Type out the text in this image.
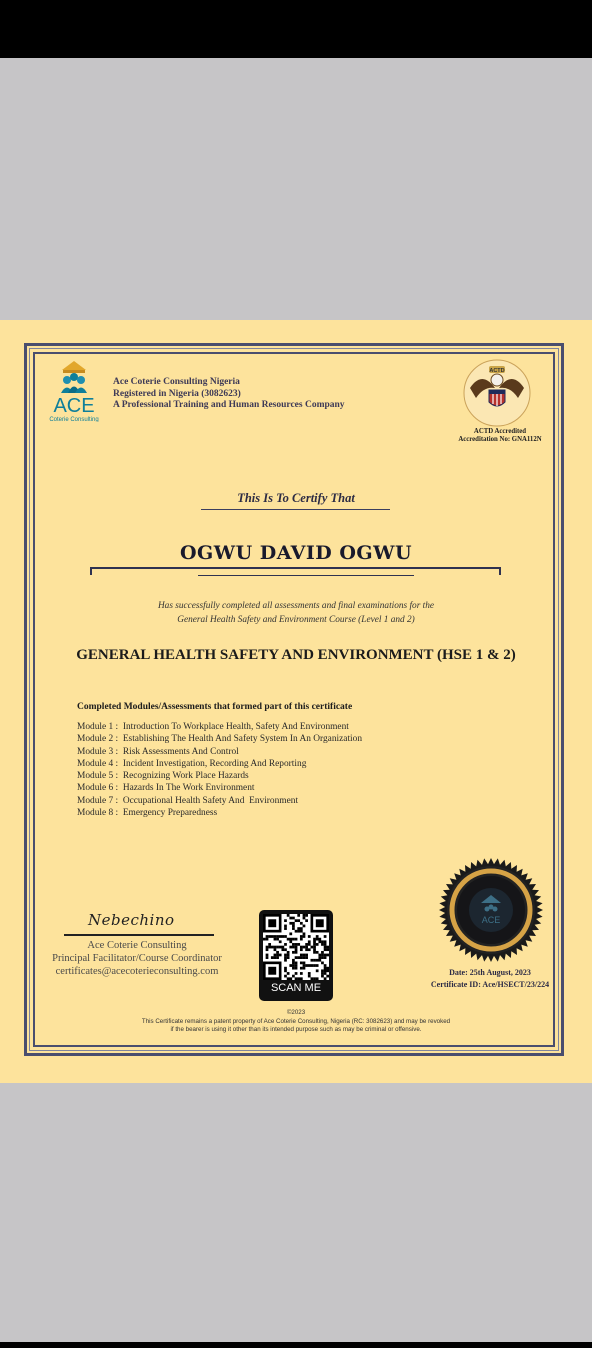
ACE
Coterie Consulting
Ace Coterie Consulting Nigeria
Registered in Nigeria (3082623)
A Professional Training and Human Resources Company
ACTD
ACTD Accredited
Accreditation No: GNA112N
This Is To Certify That
OGWU DAVID OGWU
Has successfully completed all assessments and final examinations for the
General Health Safety and Environment Course (Level 1 and 2)
GENERAL HEALTH SAFETY AND ENVIRONMENT (HSE 1 & 2)
Completed Modules/Assessments that formed part of this certificate
Module 1 :  Introduction To Workplace Health, Safety And Environment
Module 2 :  Establishing The Health And Safety System In An Organization
Module 3 :  Risk Assessments And Control
Module 4 :  Incident Investigation, Recording And Reporting
Module 5 :  Recognizing Work Place Hazards
Module 6 :  Hazards In The Work Environment
Module 7 :  Occupational Health Safety And  Environment
Module 8 :  Emergency Preparedness
Nebechino
Ace Coterie Consulting
Principal Facilitator/Course Coordinator
certificates@acecoterieconsulting.com
SCAN ME
ACE
Date: 25th August, 2023
Certificate ID: Ace/HSECT/23/224
©2023
This Certificate remains a patent property of Ace Coterie Consulting, Nigeria (RC: 3082623) and may be revoked
if the bearer is using it other than its intended purpose such as may be criminal or offensive.
